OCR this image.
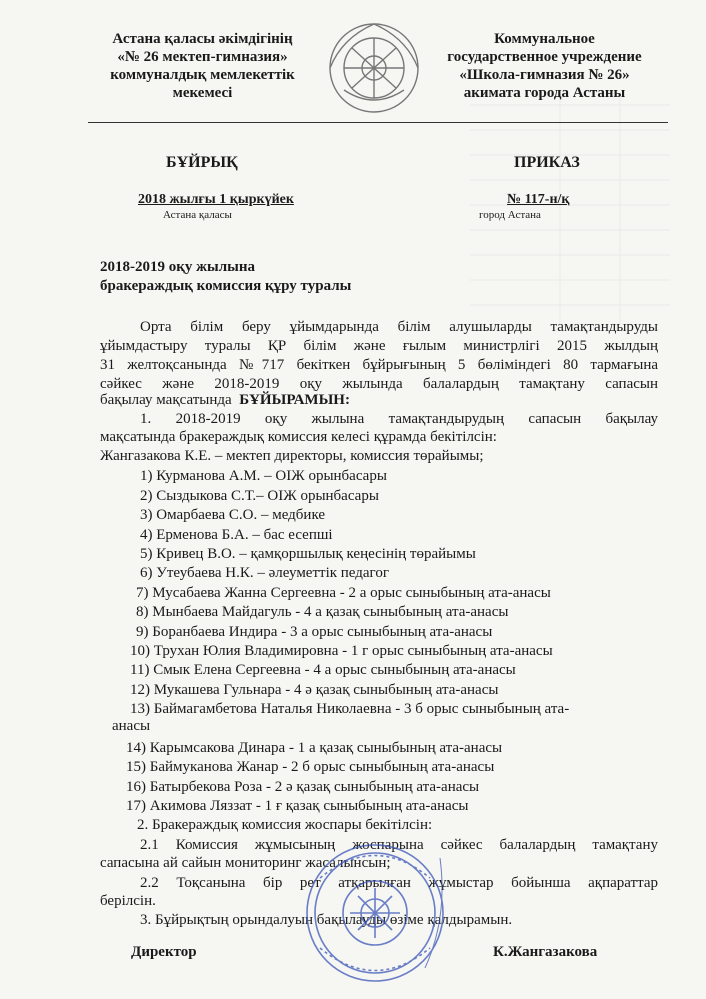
Астана қаласы әкімдігінің
«№ 26 мектеп-гимназия»
коммуналдық мемлекеттік
мекемесі
Коммунальное
государственное учреждение
«Школа-гимназия № 26»
акимата города Астаны
БҰЙРЫҚ	ПРИКАЗ
2018 жылғы 1 қыркүйек	№ 117-н/қ
Астана қаласы	город Астана
2018-2019 оқу жылына
бракераждық комиссия құру туралы
Орта білім беру ұйымдарында білім алушыларды тамақтандыруды
ұйымдастыру туралы ҚР білім және ғылым министрлігі 2015 жылдың
31 желтоқсанында №717 бекіткен бұйрығының 5 бөліміндегі 80 тармағына
сәйкес және 2018-2019 оқу жылында балалардың тамақтану сапасын
бақылау мақсатында БҰЙЫРАМЫН:
1. 2018-2019 оқу жылына тамақтандырудың сапасын бақылау
мақсатында бракераждық комиссия келесі құрамда бекітілсін:
Жангазакова К.Е. – мектеп директоры, комиссия төрайымы;
1) Курманова А.М. – ОІЖ орынбасары
2) Сыздыкова С.Т.– ОІЖ орынбасары
3) Омарбаева С.О. – медбике
4) Ерменова Б.А. – бас есепші
5) Кривец В.О. – қамқоршылық кеңесінің төрайымы
6) Утеубаева Н.К. – әлеуметтік педагог
7) Мусабаева Жанна Сергеевна - 2 а орыс сыныбының ата-анасы
8) Мынбаева Майдагуль - 4 а қазақ сыныбының ата-анасы
9) Боранбаева Индира - 3 а орыс сыныбының ата-анасы
10) Трухан Юлия Владимировна - 1 г орыс сыныбының ата-анасы
11) Смык Елена Сергеевна - 4 а орыс сыныбының ата-анасы
12) Мукашева Гульнара - 4 ә қазақ сыныбының ата-анасы
13) Баймагамбетова Наталья Николаевна - 3 б орыс сыныбының ата-
анасы
14) Карымсакова Динара - 1 а қазақ сыныбының ата-анасы
15) Баймуканова Жанар - 2 б орыс сыныбының ата-анасы
16) Батырбекова Роза - 2 ә қазақ сыныбының ата-анасы
17) Акимова Ляззат - 1 ғ қазақ сыныбының ата-анасы
2. Бракераждық комиссия жоспары бекітілсін:
2.1 Комиссия жұмысының жоспарына сәйкес балалардың тамақтану
сапасына ай сайын мониторинг жасалынсын;
2.2 Тоқсанына бір рет атқарылған жұмыстар бойынша ақпараттар
берілсін.
3. Бұйрықтың орындалуын бақылауды өзіме қалдырамын.
Директор	К.Жангазакова
